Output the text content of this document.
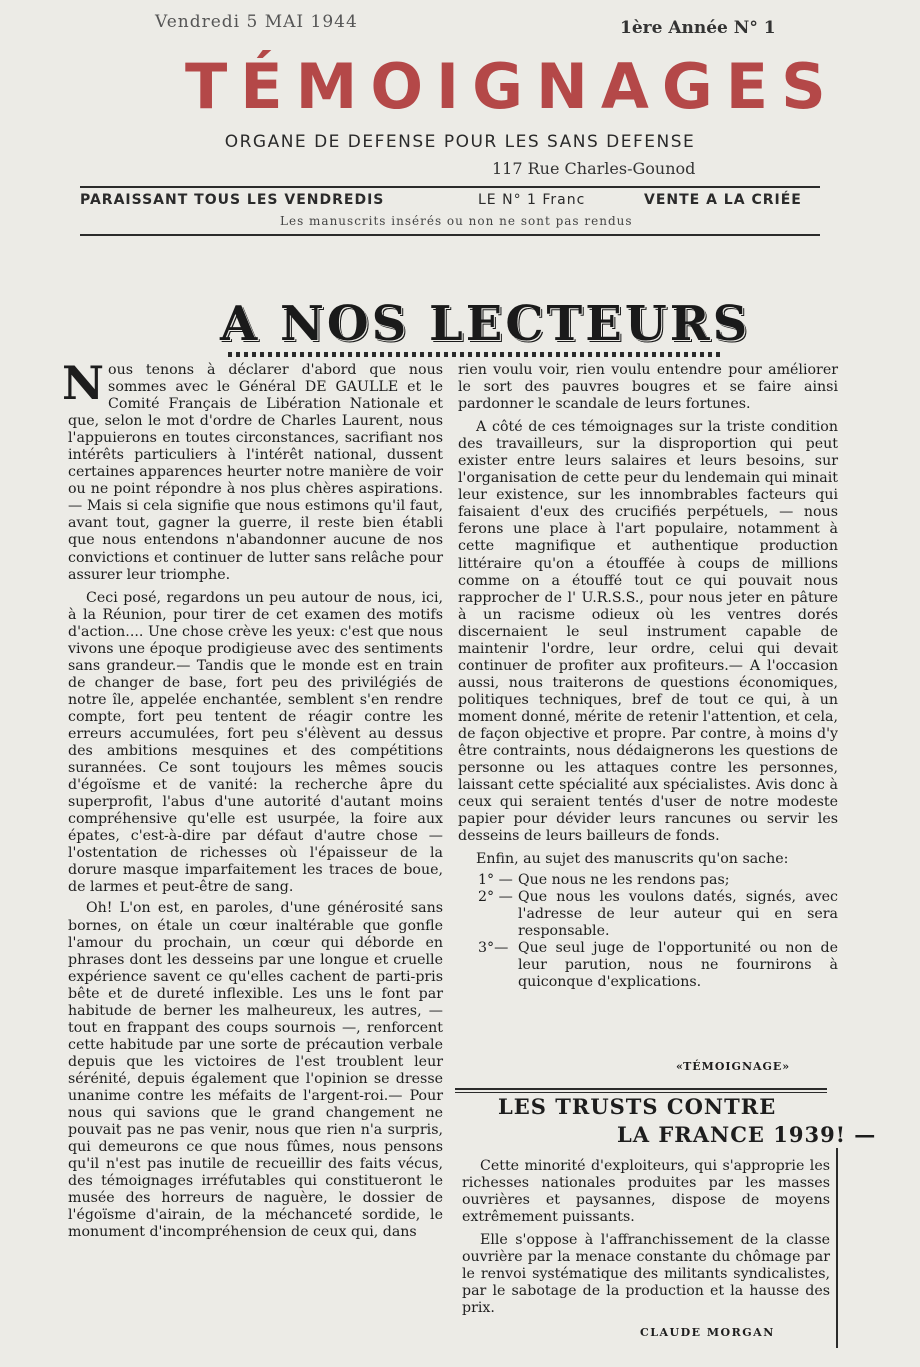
Vendredi 5 MAI 1944	1ère Année N° 1
TÉMOIGNAGES
ORGANE DE DEFENSE POUR LES SANS DEFENSE
117 Rue Charles-Gounod
PARAISSANT TOUS LES VENDREDIS	LE N° 1 Franc	VENTE A LA CRIÉE
Les manuscrits insérés ou non ne sont pas rendus
A NOS LECTEURS

Nous tenons à déclarer d'abord que nous sommes avec le Général DE GAULLE et le Comité Français de Libération Nationale et que, selon le mot d'ordre de Charles Laurent, nous l'appuierons en toutes circonstances, sacrifiant nos intérêts particuliers à l'intérêt national, dussent certaines apparences heurter notre manière de voir ou ne point répondre à nos plus chères aspirations.— Mais si cela signifie que nous estimons qu'il faut, avant tout, gagner la guerre, il reste bien établi que nous entendons n'abandonner aucune de nos convictions et continuer de lutter sans relâche pour assurer leur triomphe.

Ceci posé, regardons un peu autour de nous, ici, à la Réunion, pour tirer de cet examen des motifs d'action.... Une chose crève les yeux: c'est que nous vivons une époque prodigieuse avec des sentiments sans grandeur.— Tandis que le monde est en train de changer de base, fort peu des privilégiés de notre île, appelée enchantée, semblent s'en rendre compte, fort peu tentent de réagir contre les erreurs accumulées, fort peu s'élèvent au dessus des ambitions mesquines et des compétitions surannées. Ce sont toujours les mêmes soucis d'égoïsme et de vanité: la recherche âpre du superprofit, l'abus d'une autorité d'autant moins compréhensive qu'elle est usurpée, la foire aux épates, c'est-à-dire par défaut d'autre chose — l'ostentation de richesses où l'épaisseur de la dorure masque imparfaitement les traces de boue, de larmes et peut-être de sang.

Oh! L'on est, en paroles, d'une générosité sans bornes, on étale un cœur inaltérable que gonfle l'amour du prochain, un cœur qui déborde en phrases dont les desseins par une longue et cruelle expérience savent ce qu'elles cachent de parti-pris bête et de dureté inflexible. Les uns le font par habitude de berner les malheureux, les autres, — tout en frappant des coups sournois —, renforcent cette habitude par une sorte de précaution verbale depuis que les victoires de l'est troublent leur sérénité, depuis également que l'opinion se dresse unanime contre les méfaits de l'argent-roi.— Pour nous qui savions que le grand changement ne pouvait pas ne pas venir, nous que rien n'a surpris, qui demeurons ce que nous fûmes, nous pensons qu'il n'est pas inutile de recueillir des faits vécus, des témoignages irréfutables qui constitueront le musée des horreurs de naguère, le dossier de l'égoïsme d'airain, de la méchanceté sordide, le monument d'incompréhension de ceux qui, dans

rien voulu voir, rien voulu entendre pour améliorer le sort des pauvres bougres et se faire ainsi pardonner le scandale de leurs fortunes.

A côté de ces témoignages sur la triste condition des travailleurs, sur la disproportion qui peut exister entre leurs salaires et leurs besoins, sur l'organisation de cette peur du lendemain qui minait leur existence, sur les innombrables facteurs qui faisaient d'eux des crucifiés perpétuels, — nous ferons une place à l'art populaire, notamment à cette magnifique et authentique production littéraire qu'on a étouffée à coups de millions comme on a étouffé tout ce qui pouvait nous rapprocher de l' U.R.S.S., pour nous jeter en pâture à un racisme odieux où les ventres dorés discernaient le seul instrument capable de maintenir l'ordre, leur ordre, celui qui devait continuer de profiter aux profiteurs.— A l'occasion aussi, nous traiterons de questions économiques, politiques techniques, bref de tout ce qui, à un moment donné, mérite de retenir l'attention, et cela, de façon objective et propre. Par contre, à moins d'y être contraints, nous dédaignerons les questions de personne ou les attaques contre les personnes, laissant cette spécialité aux spécialistes. Avis donc à ceux qui seraient tentés d'user de notre modeste papier pour dévider leurs rancunes ou servir les desseins de leurs bailleurs de fonds.

Enfin, au sujet des manuscrits qu'on sache:

1° — Que nous ne les rendons pas;
2° — Que nous les voulons datés, signés, avec l'adresse de leur auteur qui en sera responsable.
3°— Que seul juge de l'opportunité ou non de leur parution, nous ne fournirons à quiconque d'explications.
«TÉMOIGNAGE»
LES TRUSTS CONTRE
LA FRANCE 1939! —

Cette minorité d'exploiteurs, qui s'approprie les richesses nationales produites par les masses ouvrières et paysannes, dispose de moyens extrêmement puissants.

Elle s'oppose à l'affranchissement de la classe ouvrière par la menace constante du chômage par le renvoi systématique des militants syndicalistes, par le sabotage de la production et la hausse des prix.

CLAUDE MORGAN
